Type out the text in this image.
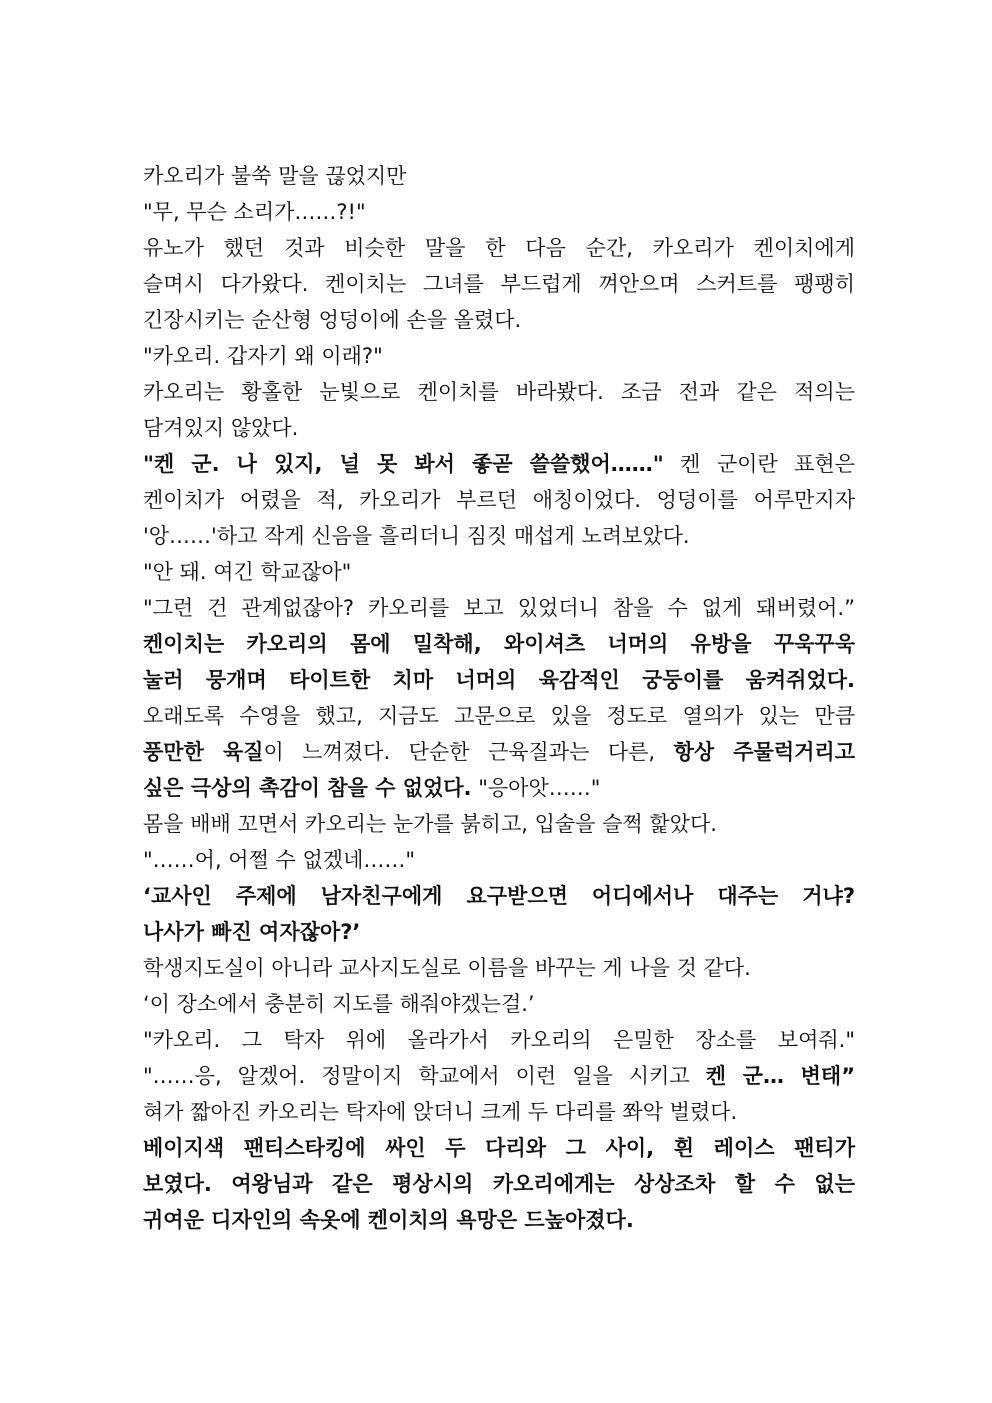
카오리가 불쑥 말을 끊었지만
"무, 무슨 소리가……?!"
유노가 했던 것과 비슷한 말을 한 다음 순간, 카오리가 켄이치에게
슬며시 다가왔다. 켄이치는 그녀를 부드럽게 껴안으며 스커트를 팽팽히
긴장시키는 순산형 엉덩이에 손을 올렸다.
"카오리. 갑자기 왜 이래?"
카오리는 황홀한 눈빛으로 켄이치를 바라봤다. 조금 전과 같은 적의는
담겨있지 않았다.
"켄 군. 나 있지, 널 못 봐서 좋곧 쓸쓸했어……" 켄 군이란 표현은
켄이치가 어렸을 적, 카오리가 부르던 애칭이었다. 엉덩이를 어루만지자
'앙……'하고 작게 신음을 흘리더니 짐짓 매섭게 노려보았다.
"안 돼. 여긴 학교잖아"
"그런 건 관계없잖아? 카오리를 보고 있었더니 참을 수 없게 돼버렸어.”
켄이치는 카오리의 몸에 밀착해, 와이셔츠 너머의 유방을 꾸욱꾸욱
눌러 뭉개며 타이트한 치마 너머의 육감적인 궁둥이를 움켜쥐었다.
오래도록 수영을 했고, 지금도 고문으로 있을 정도로 열의가 있는 만큼
풍만한 육질이 느껴졌다. 단순한 근육질과는 다른, 항상 주물럭거리고
싶은 극상의 촉감이 참을 수 없었다. "응아앗……"
몸을 배배 꼬면서 카오리는 눈가를 붉히고, 입술을 슬쩍 핥았다.
"……어, 어쩔 수 없겠네……"
‘교사인 주제에 남자친구에게 요구받으면 어디에서나 대주는 거냐?
나사가 빠진 여자잖아?’
학생지도실이 아니라 교사지도실로 이름을 바꾸는 게 나을 것 같다.
‘이 장소에서 충분히 지도를 해줘야겠는걸.’
"카오리. 그 탁자 위에 올라가서 카오리의 은밀한 장소를 보여줘."
"……응, 알겠어. 정말이지 학교에서 이런 일을 시키고 켄 군… 변태”
혀가 짧아진 카오리는 탁자에 앉더니 크게 두 다리를 쫘악 벌렸다.
베이지색 팬티스타킹에 싸인 두 다리와 그 사이, 흰 레이스 팬티가
보였다. 여왕님과 같은 평상시의 카오리에게는 상상조차 할 수 없는
귀여운 디자인의 속옷에 켄이치의 욕망은 드높아졌다.
